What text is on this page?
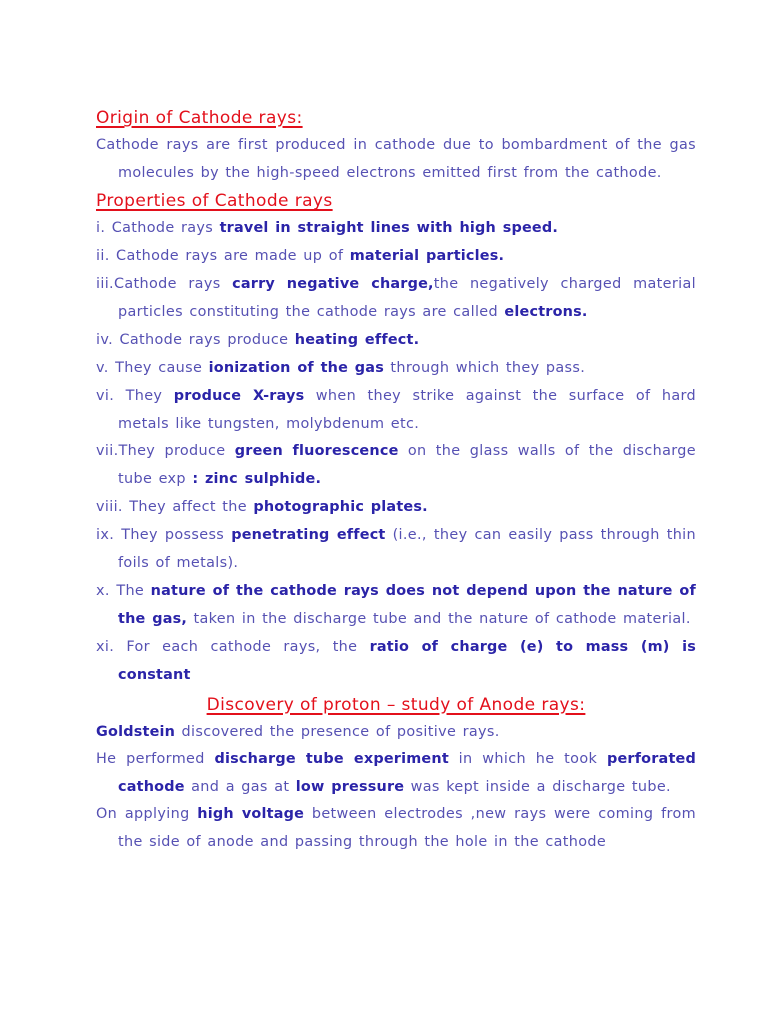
Origin of Cathode rays:
Cathode rays are first produced in cathode due to bombardment of the gas molecules by the high-speed electrons emitted first from the cathode.
Properties of Cathode rays
i. Cathode rays travel in straight lines with high speed.
ii. Cathode rays are made up of material particles.
iii.Cathode rays carry negative charge,the negatively charged material particles constituting the cathode rays are called electrons.
iv. Cathode rays produce heating effect.
v. They cause ionization of the gas through which they pass.
vi. They produce X-rays when they strike against the surface of hard metals like tungsten, molybdenum etc.
vii.They produce green fluorescence on the glass walls of the discharge tube exp : zinc sulphide.
viii. They affect the photographic plates.
ix. They possess penetrating effect (i.e., they can easily pass through thin foils of metals).
x. The nature of the cathode rays does not depend upon the nature of the gas, taken in the discharge tube and the nature of cathode material.
xi. For each cathode rays, the ratio of charge (e) to mass (m) is constant
Discovery of proton – study of Anode rays:
Goldstein discovered the presence of positive rays.
He performed discharge tube experiment in which he took perforated cathode and a gas at low pressure was kept inside a discharge tube.
On applying high voltage between electrodes ,new rays were coming from the side of anode and passing through the hole in the cathode
